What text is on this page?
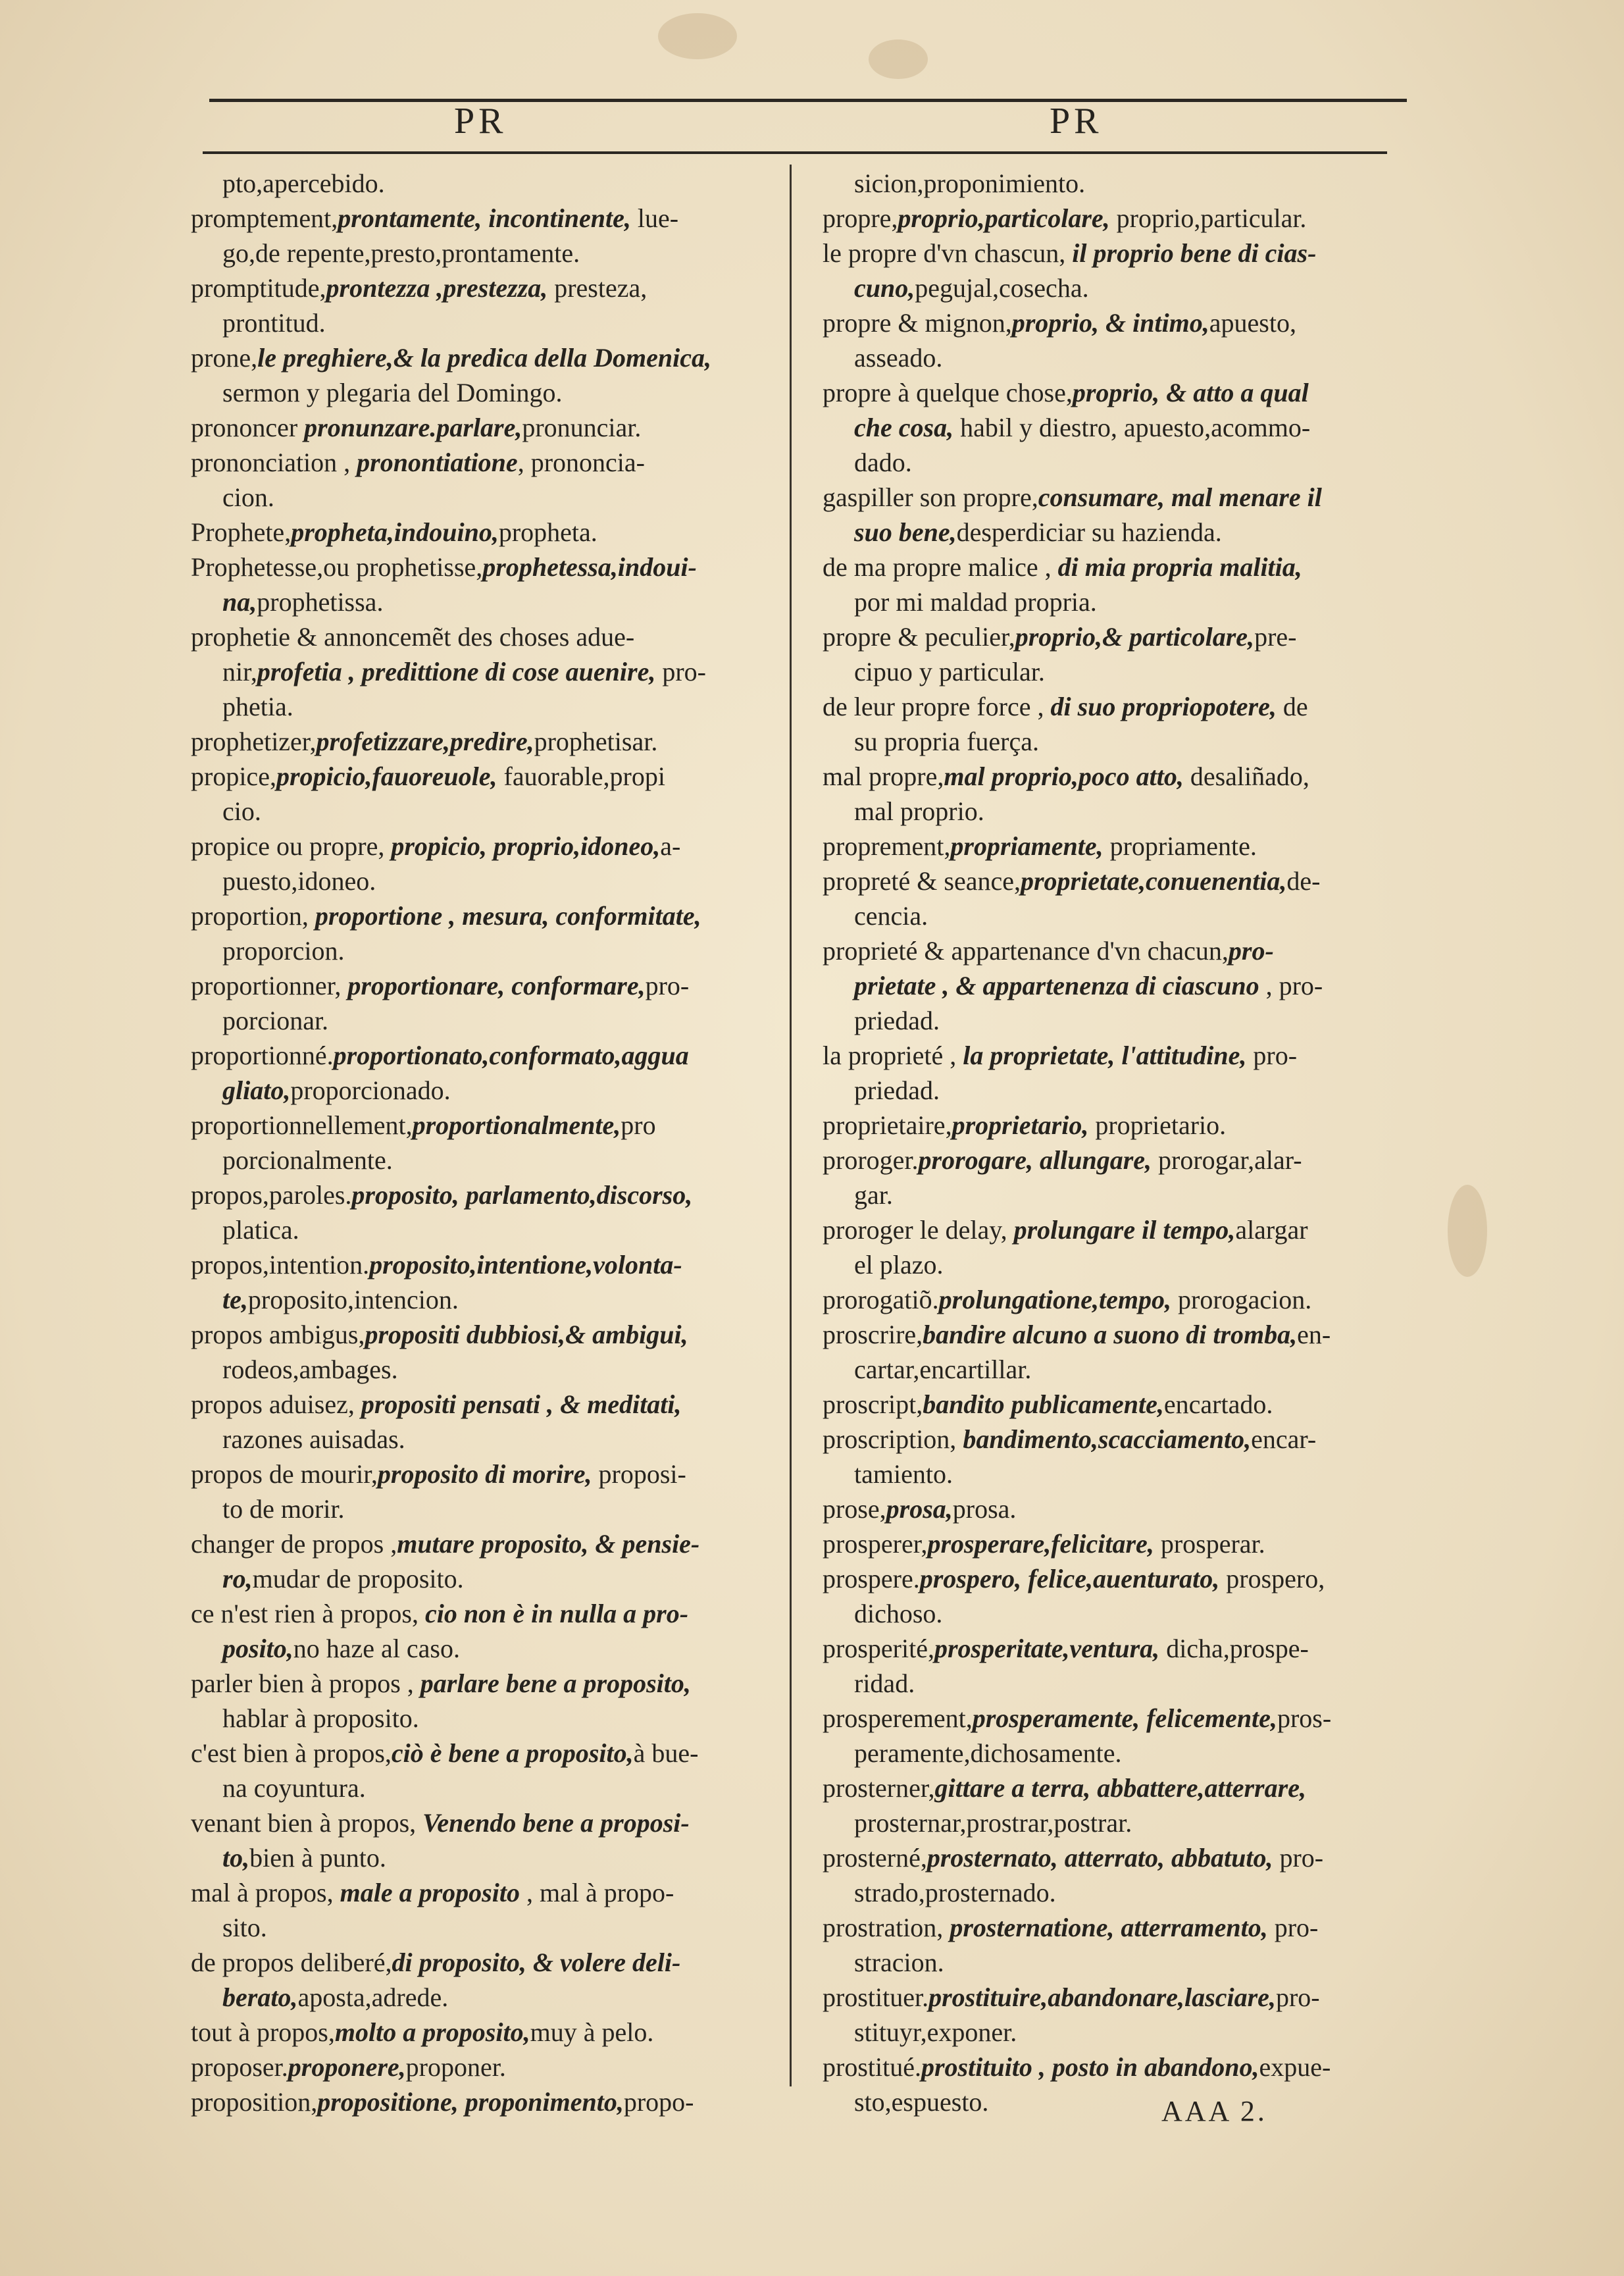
PR	PR
pto,apercebido.
promptement,prontamente, incontinente, lue-
go,de repente,presto,prontamente.
promptitude,prontezza ,prestezza, presteza,
prontitud.
prone,le preghiere,& la predica della Domenica,
sermon y plegaria del Domingo.
prononcer pronunzare.parlare,pronunciar.
prononciation , pronontiatione, prononcia-
cion.
Prophete,propheta,indouino,propheta.
Prophetesse,ou prophetisse,prophetessa,indoui-
na,prophetissa.
prophetie & annoncemẽt des choses aduе-
nir,profetia , predittione di cose auenire, pro-
phetia.
prophetizer,profetizzare,predire,prophetisar.
propice,propicio,fauoreuole, fauorable,propi
cio.
propice ou propre, propicio, proprio,idoneo,a-
puesto,idoneo.
proportion, proportione , mesura, conformitate,
proporcion.
proportionner, proportionare, conformare,pro-
porcionar.
proportionné.proportionato,conformato,aggua
gliato,proporcionado.
proportionnellement,proportionalmente,pro
porcionalmente.
propos,paroles.proposito, parlamento,discorso,
platica.
propos,intention.proposito,intentione,volonta-
te,proposito,intencion.
propos ambigus,propositi dubbiosi,& ambigui,
rodeos,ambages.
propos aduisez, propositi pensati , & meditati,
razones auisadas.
propos de mourir,proposito di morire, proposi-
to de morir.
changer de propos ,mutare proposito, & pensie-
ro,mudar de proposito.
ce n'est rien à propos, cio non è in nulla a pro-
posito,no haze al caso.
parler bien à propos , parlare bene a proposito,
hablar à proposito.
c'est bien à propos,ciò è bene a proposito,à bue-
na coyuntura.
venant bien à propos, Venendo bene a proposi-
to,bien à punto.
mal à propos, male a proposito , mal à propo-
sito.
de propos deliberé,di proposito, & volere deli-
berato,aposta,adrede.
tout à propos,molto a proposito,muy à pelo.
proposer.proponere,proponer.
proposition,propositione, proponimento,propo-
sicion,proponimiento.
propre,proprio,particolare, proprio,particular.
le propre d'vn chascun, il proprio bene di cias-
cuno,pegujal,cosecha.
propre & mignon,proprio, & intimo,apuesto,
asseado.
propre à quelque chose,proprio, & atto a qual
che cosa, habil y diestro, apuesto,acommo-
dado.
gaspiller son propre,consumare, mal menare il
suo bene,desperdiciar su hazienda.
de ma propre malice , di mia propria malitia,
por mi maldad propria.
propre & peculier,proprio,& particolare,pre-
cipuo y particular.
de leur propre force , di suo propriopotere, de
su propria fuerça.
mal propre,mal proprio,poco atto, desaliñado,
mal proprio.
proprement,propriamente, propriamente.
propreté & seance,proprietate,conuenentia,de-
cencia.
proprieté & appartenance d'vn chacun,pro-
prietate , & appartenenza di ciascuno , pro-
priedad.
la proprieté , la proprietate, l'attitudine, pro-
priedad.
proprietaire,proprietario, proprietario.
proroger.prorogare, allungare, prorogar,alar-
gar.
proroger le delay, prolungare il tempo,alargar
el plazo.
prorogatiõ.prolungatione,tempo, prorogacion.
proscrire,bandire alcuno a suono di tromba,en-
cartar,encartillar.
proscript,bandito publicamente,encartado.
proscription, bandimento,scacciamento,encar-
tamiento.
prose,prosa,prosa.
prosperer,prosperare,felicitare, prosperar.
prospere.prospero, felice,auenturato, prospero,
dichoso.
prosperité,prosperitate,ventura, dicha,prospe-
ridad.
prosperement,prosperamente, felicemente,pros-
peramente,dichosamente.
prosterner,gittare a terra, abbattere,atterrare,
prosternar,prostrar,postrar.
prosterné,prosternato, atterrato, abbatuto, pro-
strado,prosternado.
prostration, prosternatione, atterramento, pro-
stracion.
prostituer.prostituire,abandonare,lasciare,pro-
stituyr,exponer.
prostitué.prostituito , posto in abandono,expue-
sto,espuesto.	AAA 2.
